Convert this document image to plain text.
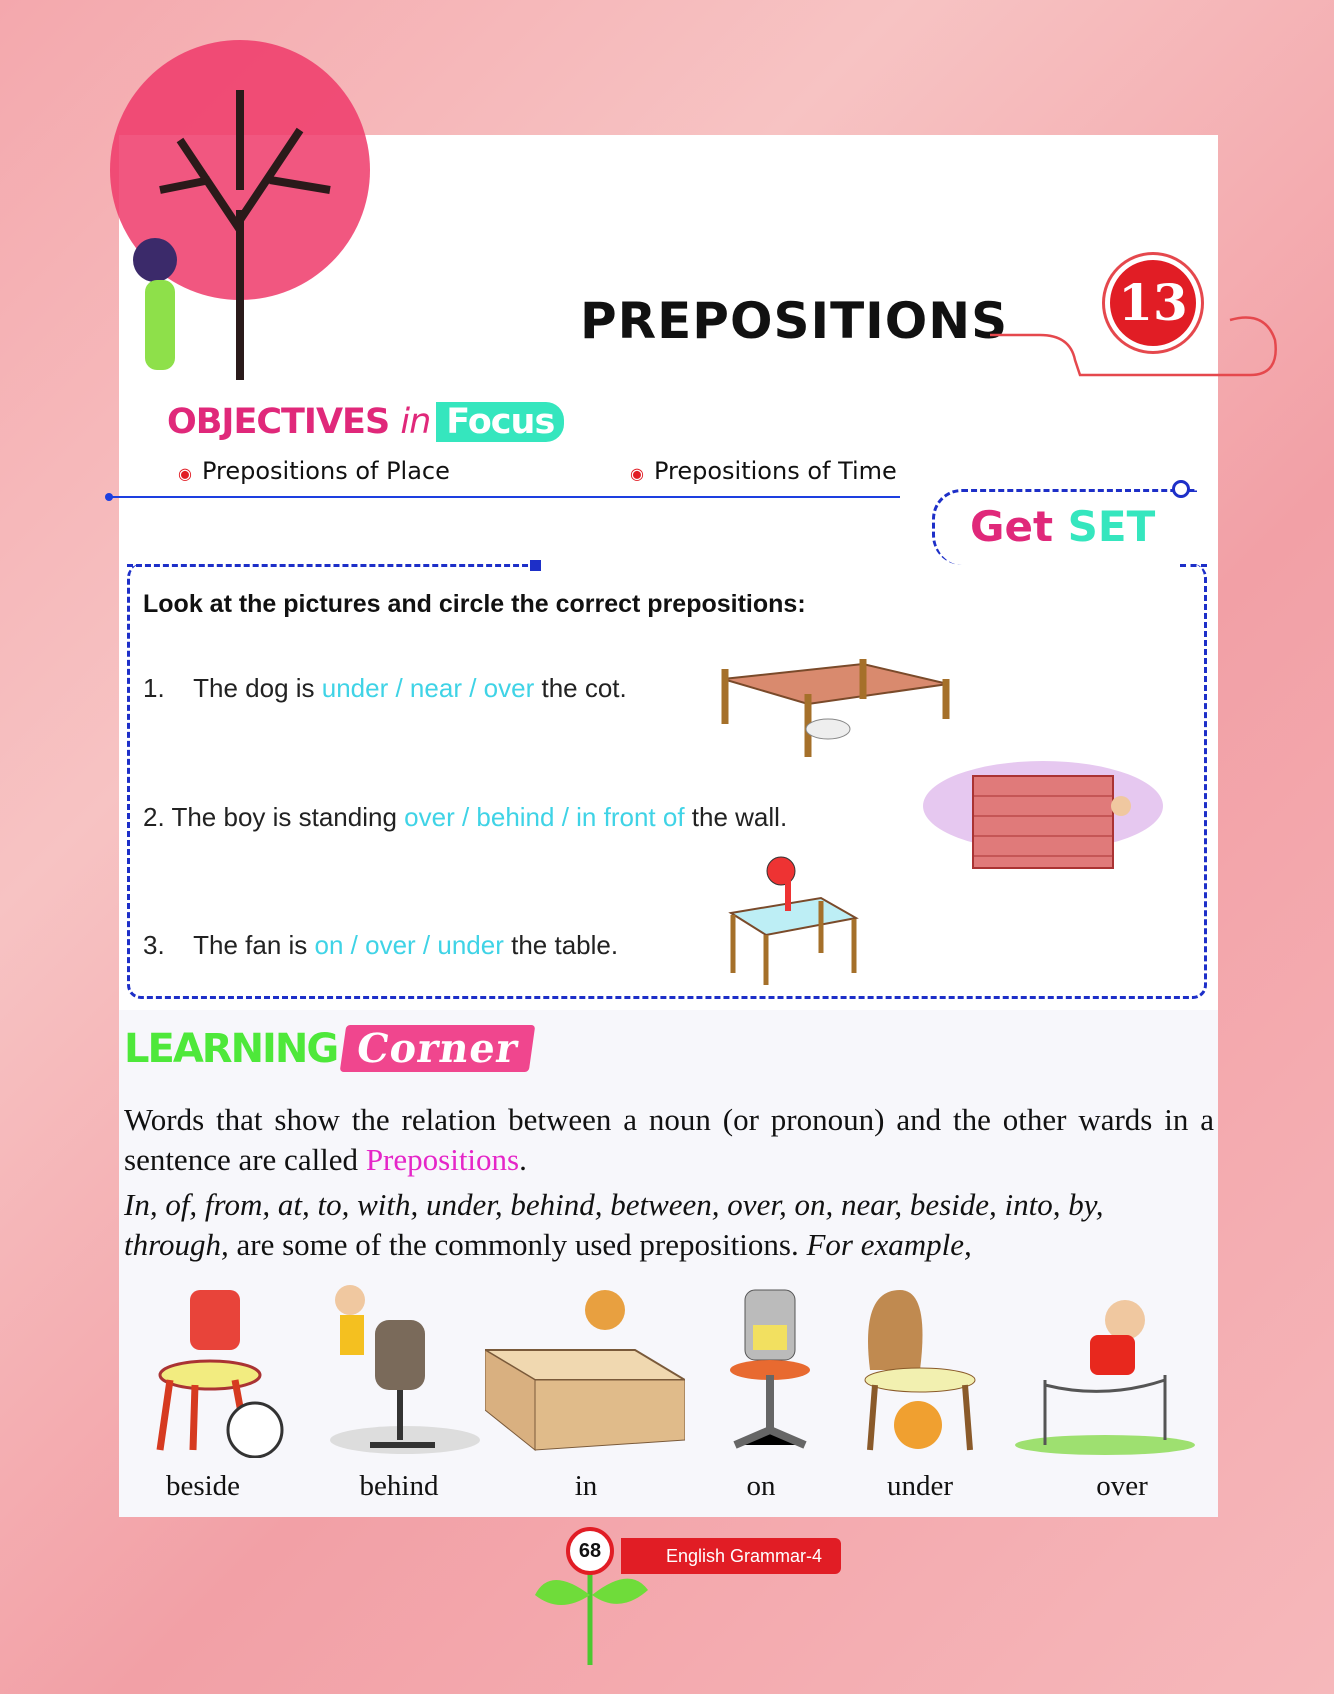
PREPOSITIONS 13
OBJECTIVES in Focus
◉ Prepositions of Place	◉ Prepositions of Time
Get SET
Look at the pictures and circle the correct prepositions:
1. The dog is under / near / over the cot.
2. The boy is standing over / behind / in front of the wall.
3. The fan is on / over / under the table.
LEARNING Corner
Words that show the relation between a noun (or pronoun) and the other wards in a sentence are called Prepositions.
In, of, from, at, to, with, under, behind, between, over, on, near, beside, into, by, through, are some of the commonly used prepositions. For example,
beside	behind	in	on	under	over
English Grammar-4
68
